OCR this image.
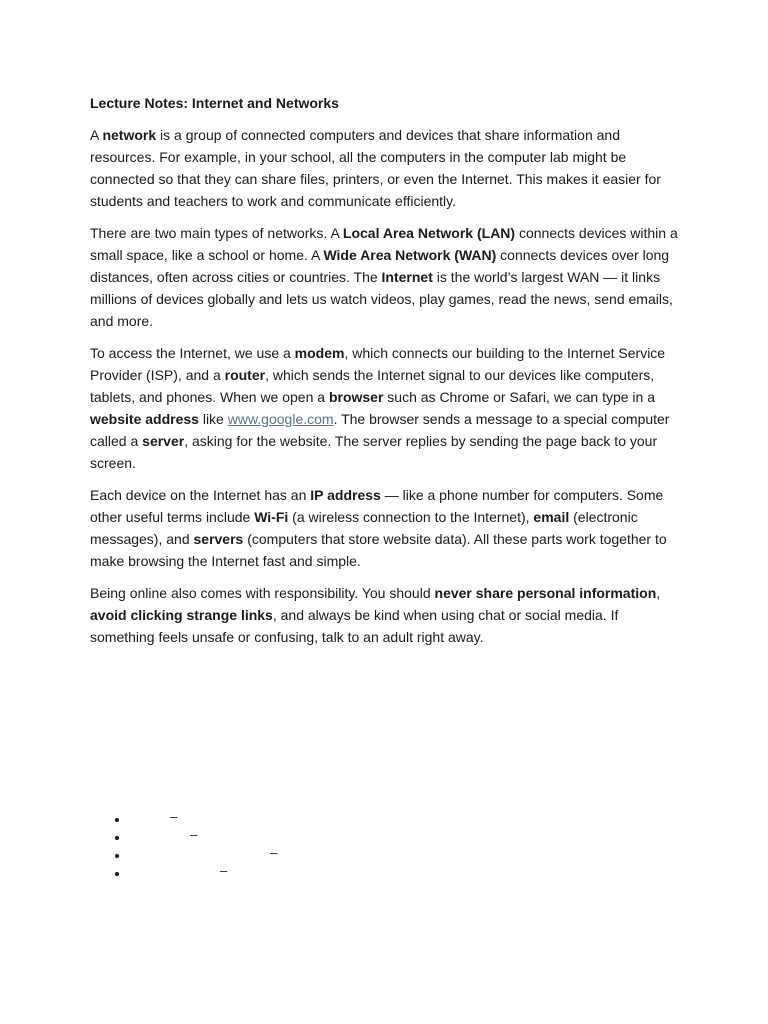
Lecture Notes: Internet and Networks

A network is a group of connected computers and devices that share information and resources. For example, in your school, all the computers in the computer lab might be connected so that they can share files, printers, or even the Internet. This makes it easier for students and teachers to work and communicate efficiently.

There are two main types of networks. A Local Area Network (LAN) connects devices within a small space, like a school or home. A Wide Area Network (WAN) connects devices over long distances, often across cities or countries. The Internet is the world’s largest WAN — it links millions of devices globally and lets us watch videos, play games, read the news, send emails, and more.

To access the Internet, we use a modem, which connects our building to the Internet Service Provider (ISP), and a router, which sends the Internet signal to our devices like computers, tablets, and phones. When we open a browser such as Chrome or Safari, we can type in a website address like www.google.com. The browser sends a message to a special computer called a server, asking for the website. The server replies by sending the page back to your screen.

Each device on the Internet has an IP address — like a phone number for computers. Some other useful terms include Wi-Fi (a wireless connection to the Internet), email (electronic messages), and servers (computers that store website data). All these parts work together to make browsing the Internet fast and simple.

Being online also comes with responsibility. You should never share personal information, avoid clicking strange links, and always be kind when using chat or social media. If something feels unsafe or confusing, talk to an adult right away.

• –
• –
• –
• –
